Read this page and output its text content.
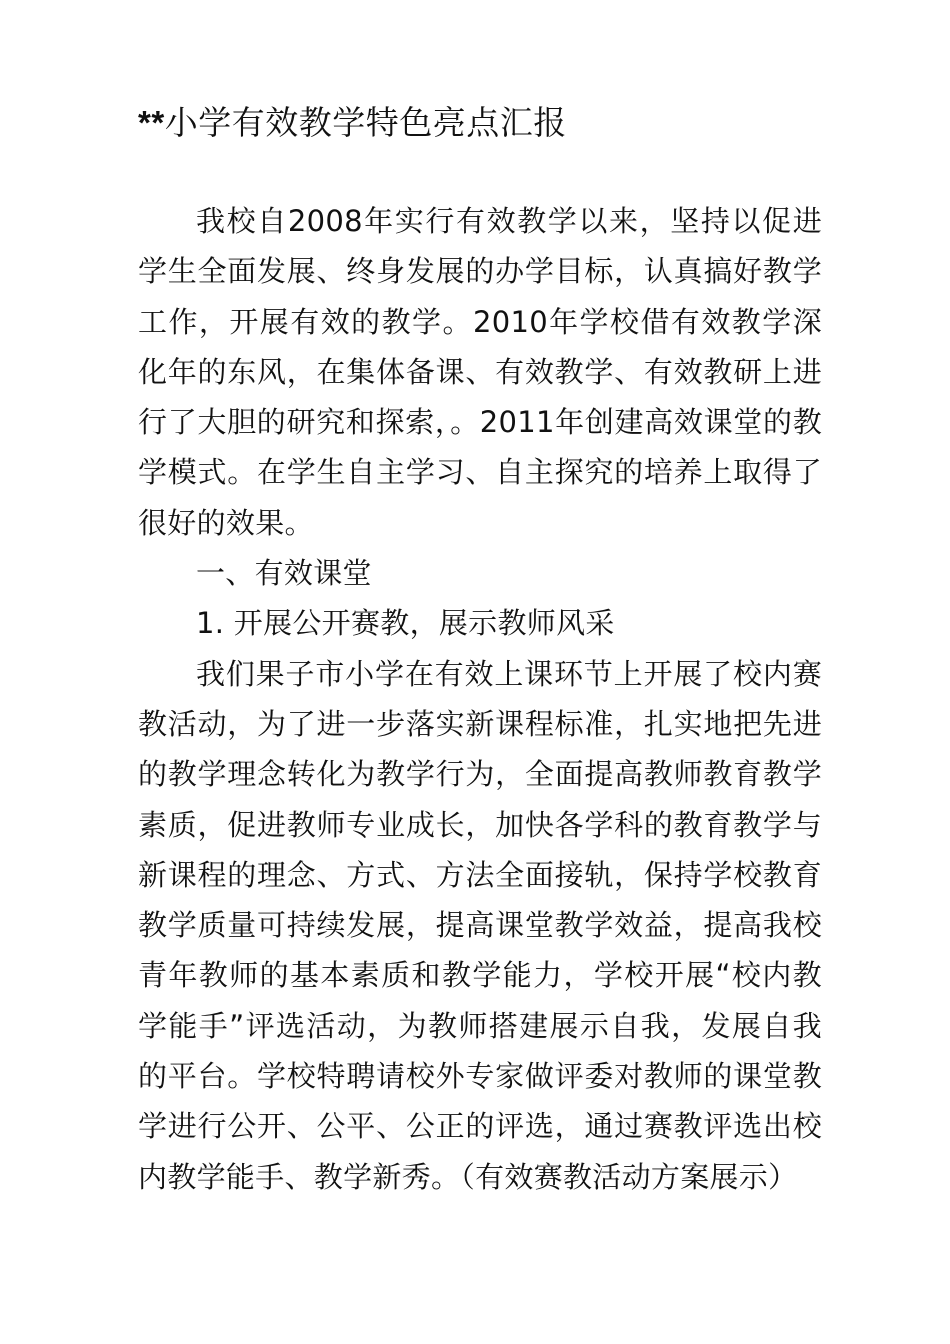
**小学有效教学特色亮点汇报

我校自2008年实行有效教学以来，坚持以促进学生全面发展、终身发展的办学目标，认真搞好教学工作，开展有效的教学。2010年学校借有效教学深化年的东风，在集体备课、有效教学、有效教研上进行了大胆的研究和探索，。2011年创建高效课堂的教学模式。在学生自主学习、自主探究的培养上取得了很好的效果。

一、有效课堂

1. 开展公开赛教，展示教师风采

我们果子市小学在有效上课环节上开展了校内赛教活动，为了进一步落实新课程标准，扎实地把先进的教学理念转化为教学行为，全面提高教师教育教学素质，促进教师专业成长，加快各学科的教育教学与新课程的理念、方式、方法全面接轨，保持学校教育教学质量可持续发展，提高课堂教学效益，提高我校青年教师的基本素质和教学能力，学校开展“校内教学能手”评选活动，为教师搭建展示自我，发展自我的平台。学校特聘请校外专家做评委对教师的课堂教学进行公开、公平、公正的评选，通过赛教评选出校内教学能手、教学新秀。（有效赛教活动方案展示）
